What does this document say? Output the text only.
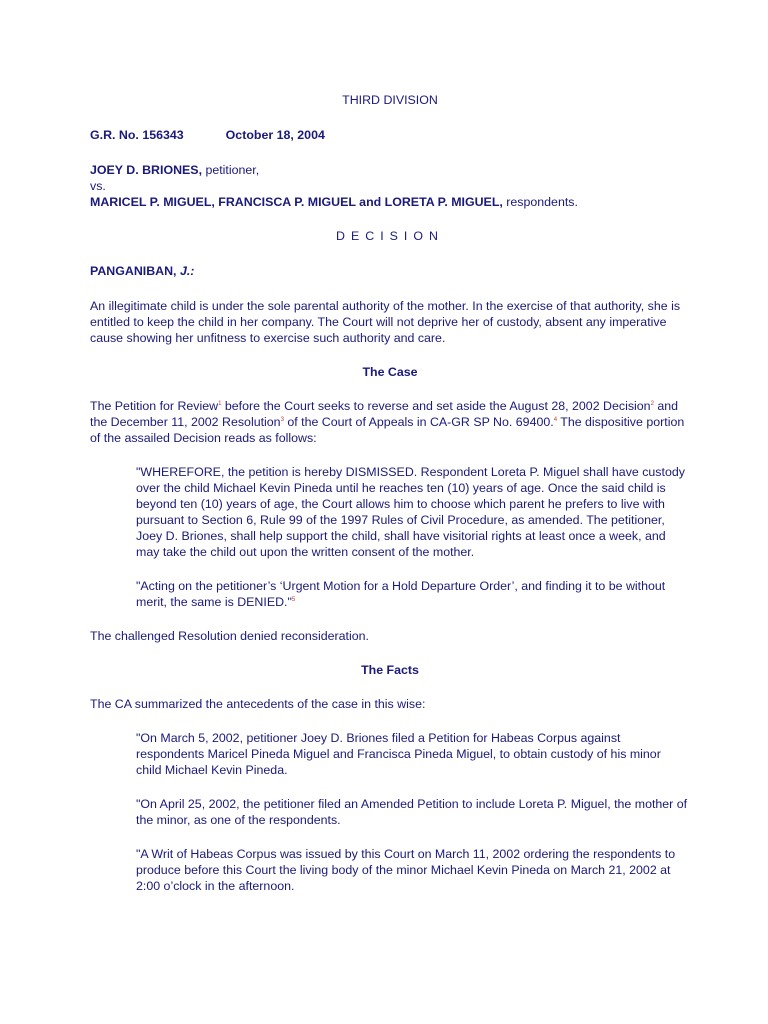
THIRD DIVISION

G.R. No. 156343	October 18, 2004

JOEY D. BRIONES, petitioner,

vs.

MARICEL P. MIGUEL, FRANCISCA P. MIGUEL and LORETA P. MIGUEL, respondents.

DECISION

PANGANIBAN, J.:

An illegitimate child is under the sole parental authority of the mother. In the exercise of that authority, she is entitled to keep the child in her company. The Court will not deprive her of custody, absent any imperative cause showing her unfitness to exercise such authority and care.

The Case

The Petition for Review$^1$ before the Court seeks to reverse and set aside the August 28, 2002 Decision$^2$ and the December 11, 2002 Resolution$^3$ of the Court of Appeals in CA-GR SP No. 69400.$^4$ The dispositive portion of the assailed Decision reads as follows:

"WHEREFORE, the petition is hereby DISMISSED. Respondent Loreta P. Miguel shall have custody over the child Michael Kevin Pineda until he reaches ten (10) years of age. Once the said child is beyond ten (10) years of age, the Court allows him to choose which parent he prefers to live with pursuant to Section 6, Rule 99 of the 1997 Rules of Civil Procedure, as amended. The petitioner, Joey D. Briones, shall help support the child, shall have visitorial rights at least once a week, and may take the child out upon the written consent of the mother.

"Acting on the petitioner’s ‘Urgent Motion for a Hold Departure Order’, and finding it to be without merit, the same is DENIED."$^5$

The challenged Resolution denied reconsideration.

The Facts

The CA summarized the antecedents of the case in this wise:

"On March 5, 2002, petitioner Joey D. Briones filed a Petition for Habeas Corpus against respondents Maricel Pineda Miguel and Francisca Pineda Miguel, to obtain custody of his minor child Michael Kevin Pineda.

"On April 25, 2002, the petitioner filed an Amended Petition to include Loreta P. Miguel, the mother of the minor, as one of the respondents.

"A Writ of Habeas Corpus was issued by this Court on March 11, 2002 ordering the respondents to produce before this Court the living body of the minor Michael Kevin Pineda on March 21, 2002 at 2:00 o’clock in the afternoon.
